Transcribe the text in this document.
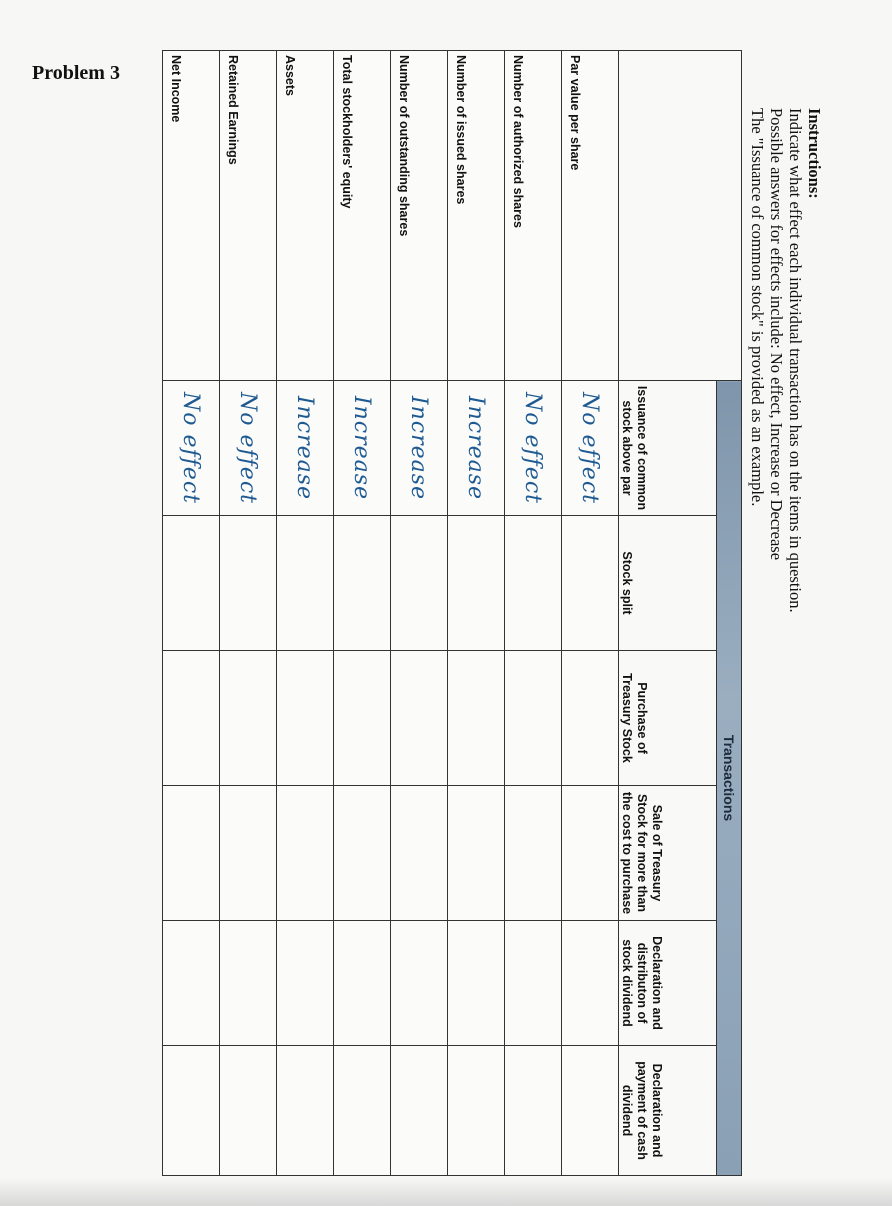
Problem 3
Instructions:
Indicate what effect each individual transaction has on the items in question.
Possible answers for effects include: No effect, Increase or Decrease
The "Issuance of common stock" is provided as an example.
	Transactions					
	Issuance of common stock above par	Stock split	Purchase of Treasury Stock	Sale of Treasury Stock for more than the cost to purchase	Declaration and distributon of stock dividend	Declaration and payment of cash dividend
Par value per share	No effect					
Number of authorized shares	No effect					
Number of issued shares	Increase					
Number of outstanding shares	Increase					
Total stockholders' equity	Increase					
Assets	Increase					
Retained Earnings	No effect					
Net Income	No effect					
